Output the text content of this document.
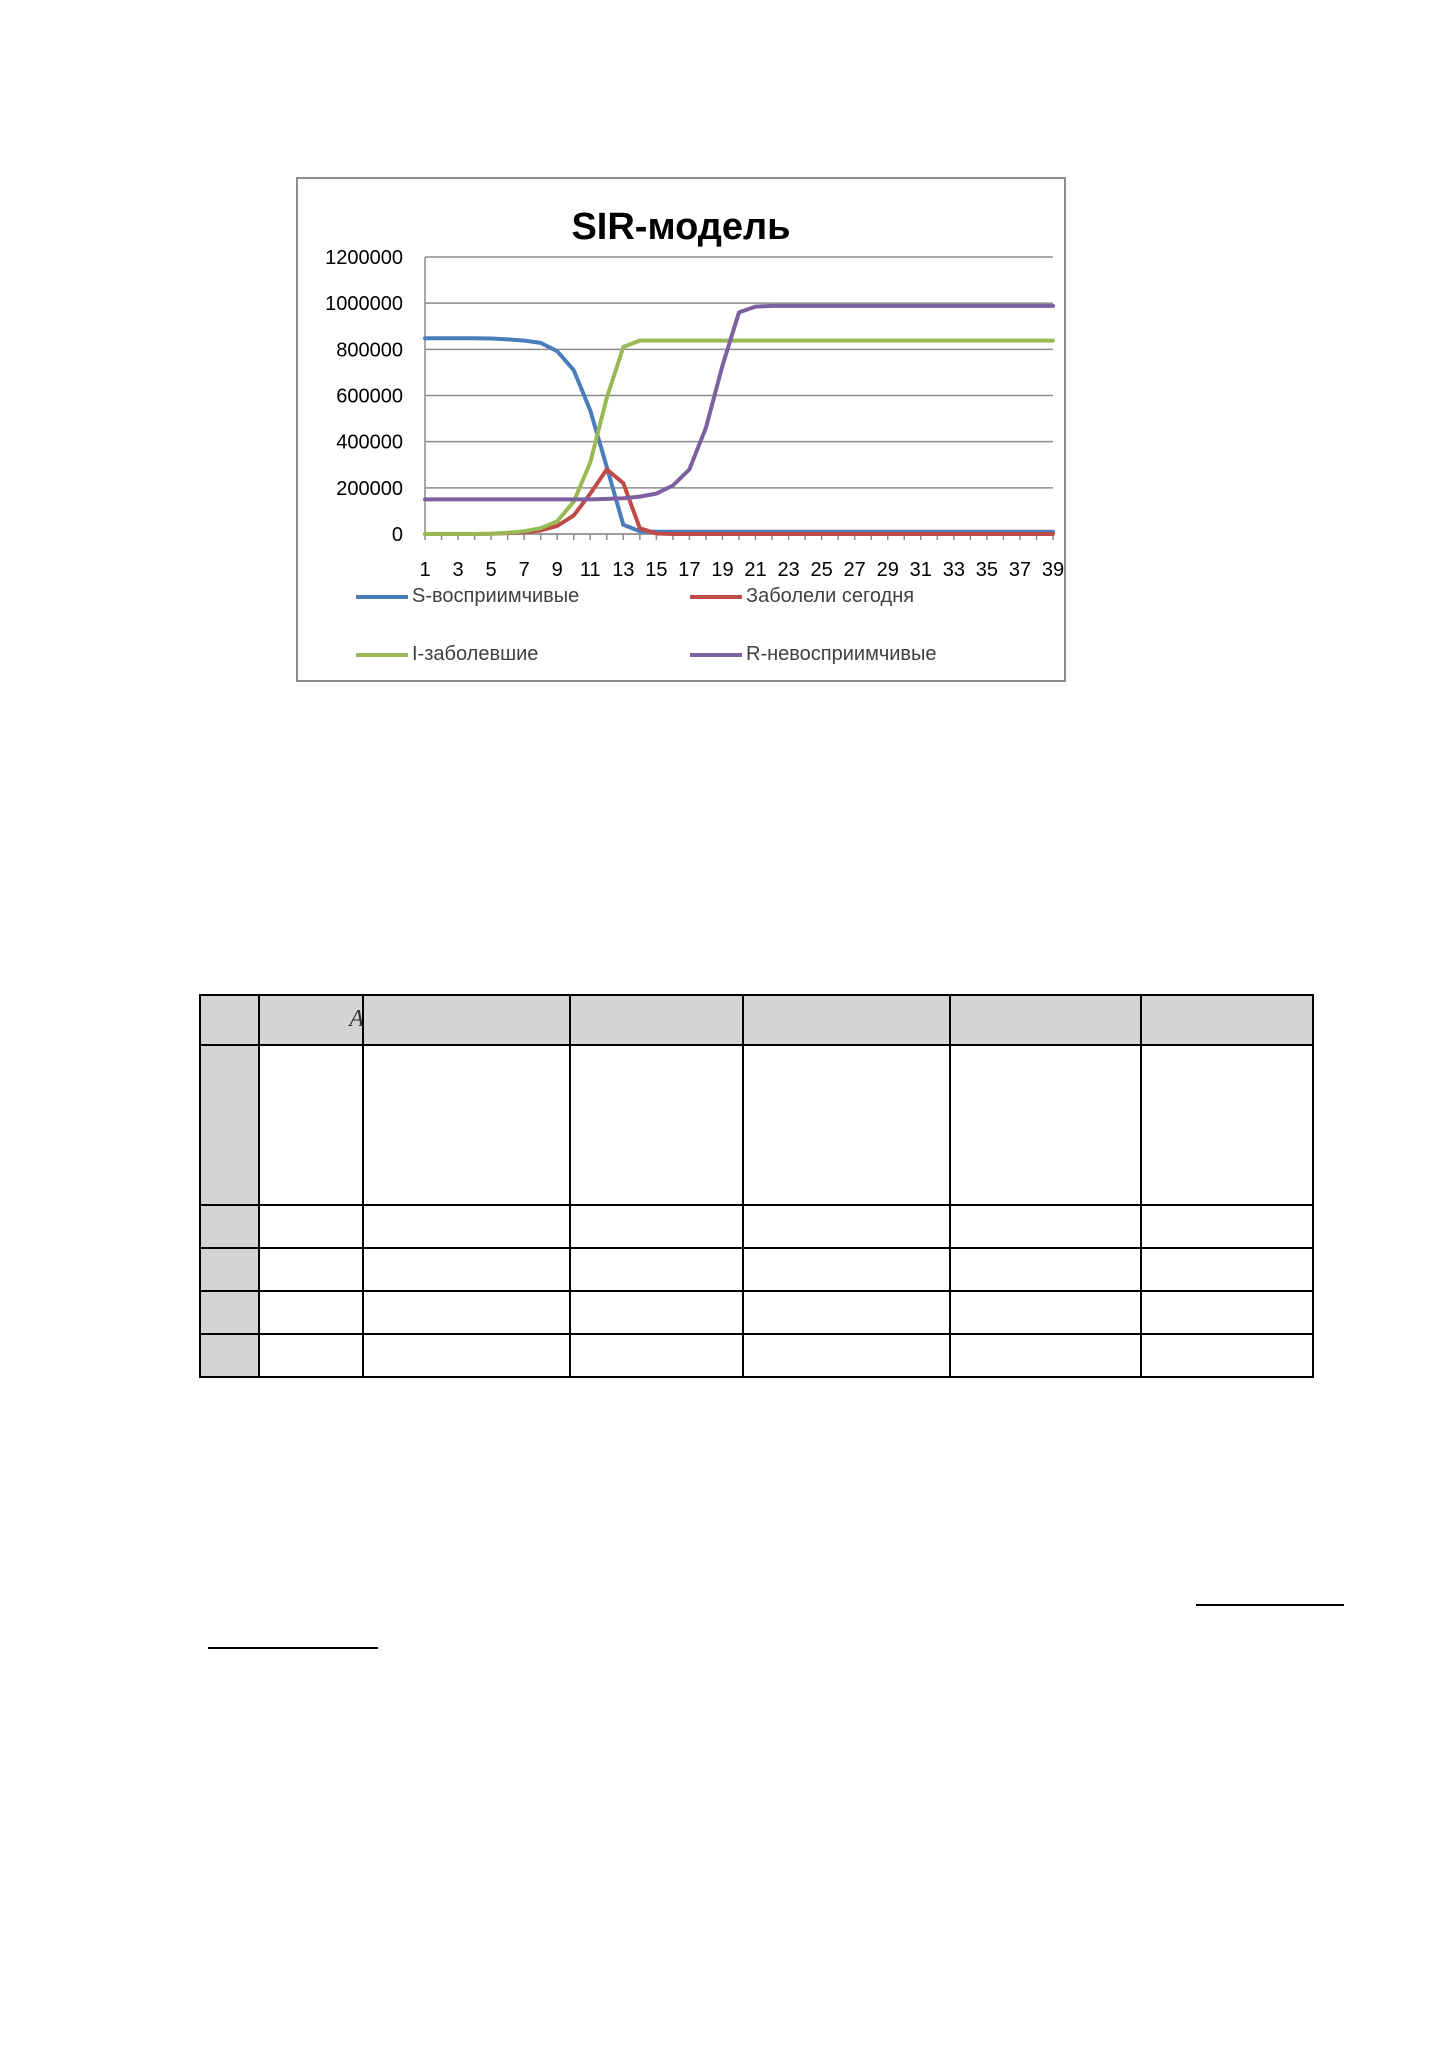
SIR-модель
0
200000
400000
600000
800000
1000000
1200000
1 3 5 7 9 11 13 15 17 19 21 23 25 27 29 31 33 35 37 39
S-восприимчивые	Заболели сегодня
I-заболевшие	R-невосприимчивые

	A					
